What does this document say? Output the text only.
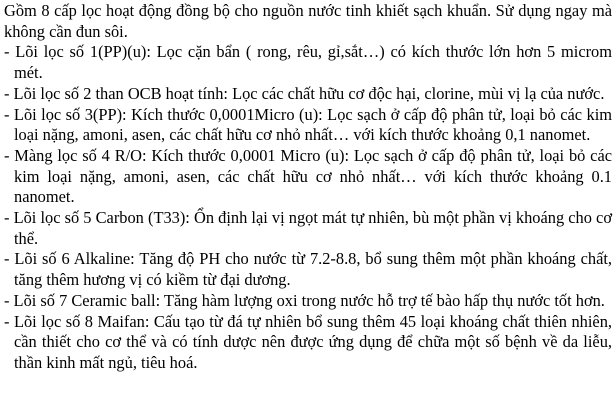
Gồm 8 cấp lọc hoạt động đồng bộ cho nguồn nước tinh khiết sạch khuẩn. Sử dụng ngay mà không cần đun sôi.

- Lõi lọc số 1(PP)(u): Lọc cặn bẩn ( rong, rêu, gỉ,sắt…) có kích thước lớn hơn 5 microm mét.

- Lõi lọc số 2 than OCB hoạt tính: Lọc các chất hữu cơ độc hại, clorine, mùi vị lạ của nước.

- Lõi lọc số 3(PP): Kích thước 0,0001Micro (u): Lọc sạch ở cấp độ phân tử, loại bỏ các kim loại nặng, amoni, asen, các chất hữu cơ nhỏ nhất… với kích thước khoảng 0,1 nanomet.

- Màng lọc số 4 R/O: Kích thước 0,0001 Micro (u): Lọc sạch ở cấp độ phân tử, loại bỏ các kim loại nặng, amoni, asen, các chất hữu cơ nhỏ nhất… với kích thước khoảng 0.1 nanomet.

- Lõi lọc số 5 Carbon (T33): Ổn định lại vị ngọt mát tự nhiên, bù một phần vị khoáng cho cơ thể.

- Lõi số 6 Alkaline: Tăng độ PH cho nước từ 7.2-8.8, bổ sung thêm một phần khoáng chất, tăng thêm hương vị có kiềm từ đại dương.

- Lõi số 7 Ceramic ball: Tăng hàm lượng oxi trong nước hỗ trợ tế bào hấp thụ nước tốt hơn.

- Lõi lọc số 8 Maifan: Cấu tạo từ đá tự nhiên bổ sung thêm 45 loại khoáng chất thiên nhiên, cần thiết cho cơ thể và có tính dược nên được ứng dụng để chữa một số bệnh về da liễu, thần kinh mất ngủ, tiêu hoá.
